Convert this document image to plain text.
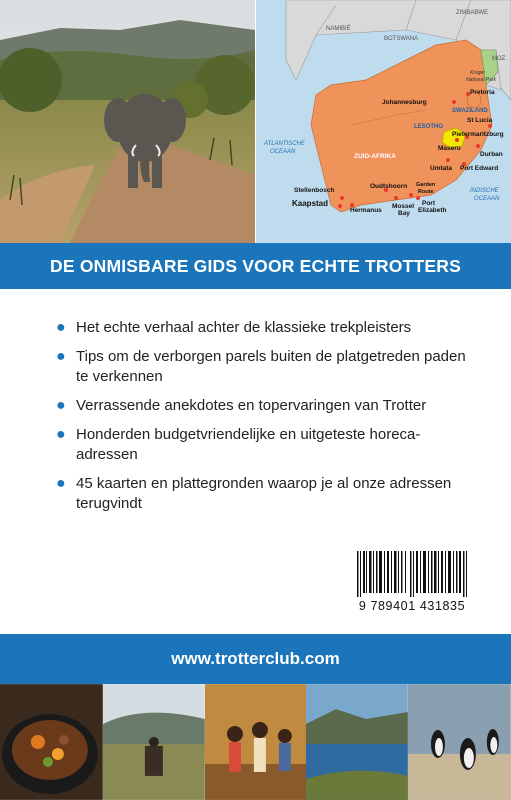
NAMIBIË
BOTSWANA
ZIMBABWE
MOZ.
ZUID-AFRIKA
LESOTHO
SWAZILAND
ATLANTISCHE
OCEAAN
INDISCHE
OCEAAN
Kruger
National Park
Pretoria
Johannesburg
St Lucia
Pietermaritzburg
Maseru
Durban
Umtata Port Edward
Stellenbosch
Oudtshoorn Garden
Route
Kaapstad
Hermanus
Mossel
Bay
Port
Elizabeth
DE ONMISBARE GIDS VOOR ECHTE TROTTERS
● Het echte verhaal achter de klassieke trekpleisters
● Tips om de verborgen parels buiten de platgetreden paden te verkennen
● Verrassende anekdotes en topervaringen van Trotter
● Honderden budgetvriendelijke en uitgeteste horeca-adressen
● 45 kaarten en plattegronden waarop je al onze adressen terugvindt
9 789401 431835
www.trotterclub.com
